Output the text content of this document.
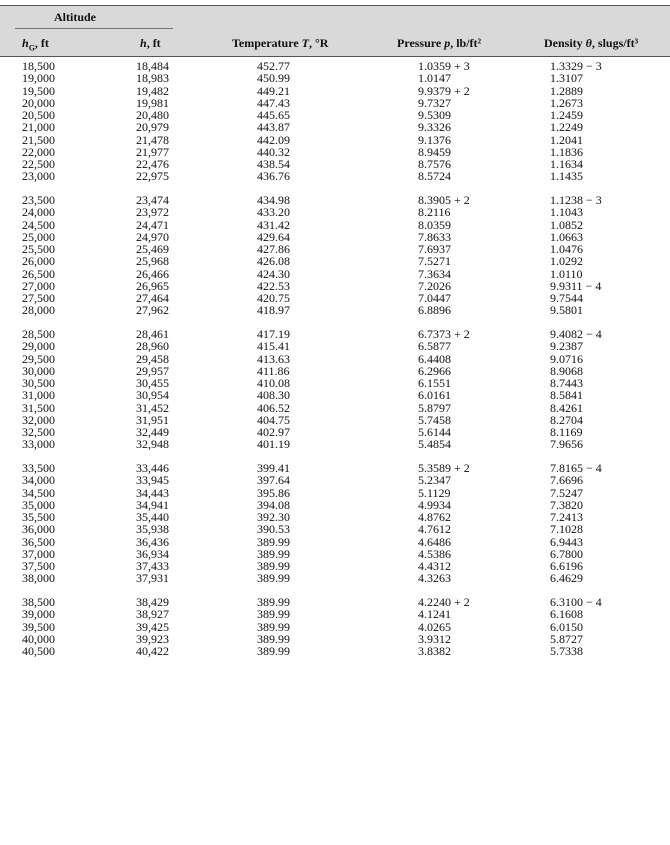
Altitude
$h_G$, ft	h, ft	Temperature T, °R	Pressure p, lb/ft²	Density θ, slugs/ft³
18,500	18,484	452.77	1.0359 + 3	1.3329 − 3
19,000	18,983	450.99	1.0147	1.3107
19,500	19,482	449.21	9.9379 + 2	1.2889
20,000	19,981	447.43	9.7327	1.2673
20,500	20,480	445.65	9.5309	1.2459
21,000	20,979	443.87	9.3326	1.2249
21,500	21,478	442.09	9.1376	1.2041
22,000	21,977	440.32	8.9459	1.1836
22,500	22,476	438.54	8.7576	1.1634
23,000	22,975	436.76	8.5724	1.1435
23,500	23,474	434.98	8.3905 + 2	1.1238 − 3
24,000	23,972	433.20	8.2116	1.1043
24,500	24,471	431.42	8.0359	1.0852
25,000	24,970	429.64	7.8633	1.0663
25,500	25,469	427.86	7.6937	1.0476
26,000	25,968	426.08	7.5271	1.0292
26,500	26,466	424.30	7.3634	1.0110
27,000	26,965	422.53	7.2026	9.9311 − 4
27,500	27,464	420.75	7.0447	9.7544
28,000	27,962	418.97	6.8896	9.5801
28,500	28,461	417.19	6.7373 + 2	9.4082 − 4
29,000	28,960	415.41	6.5877	9.2387
29,500	29,458	413.63	6.4408	9.0716
30,000	29,957	411.86	6.2966	8.9068
30,500	30,455	410.08	6.1551	8.7443
31,000	30,954	408.30	6.0161	8.5841
31,500	31,452	406.52	5.8797	8.4261
32,000	31,951	404.75	5.7458	8.2704
32,500	32,449	402.97	5.6144	8.1169
33,000	32,948	401.19	5.4854	7.9656
33,500	33,446	399.41	5.3589 + 2	7.8165 − 4
34,000	33,945	397.64	5.2347	7.6696
34,500	34,443	395.86	5.1129	7.5247
35,000	34,941	394.08	4.9934	7.3820
35,500	35,440	392.30	4.8762	7.2413
36,000	35,938	390.53	4.7612	7.1028
36,500	36,436	389.99	4.6486	6.9443
37,000	36,934	389.99	4.5386	6.7800
37,500	37,433	389.99	4.4312	6.6196
38,000	37,931	389.99	4.3263	6.4629
38,500	38,429	389.99	4.2240 + 2	6.3100 − 4
39,000	38,927	389.99	4.1241	6.1608
39,500	39,425	389.99	4.0265	6.0150
40,000	39,923	389.99	3.9312	5.8727
40,500	40,422	389.99	3.8382	5.7338
